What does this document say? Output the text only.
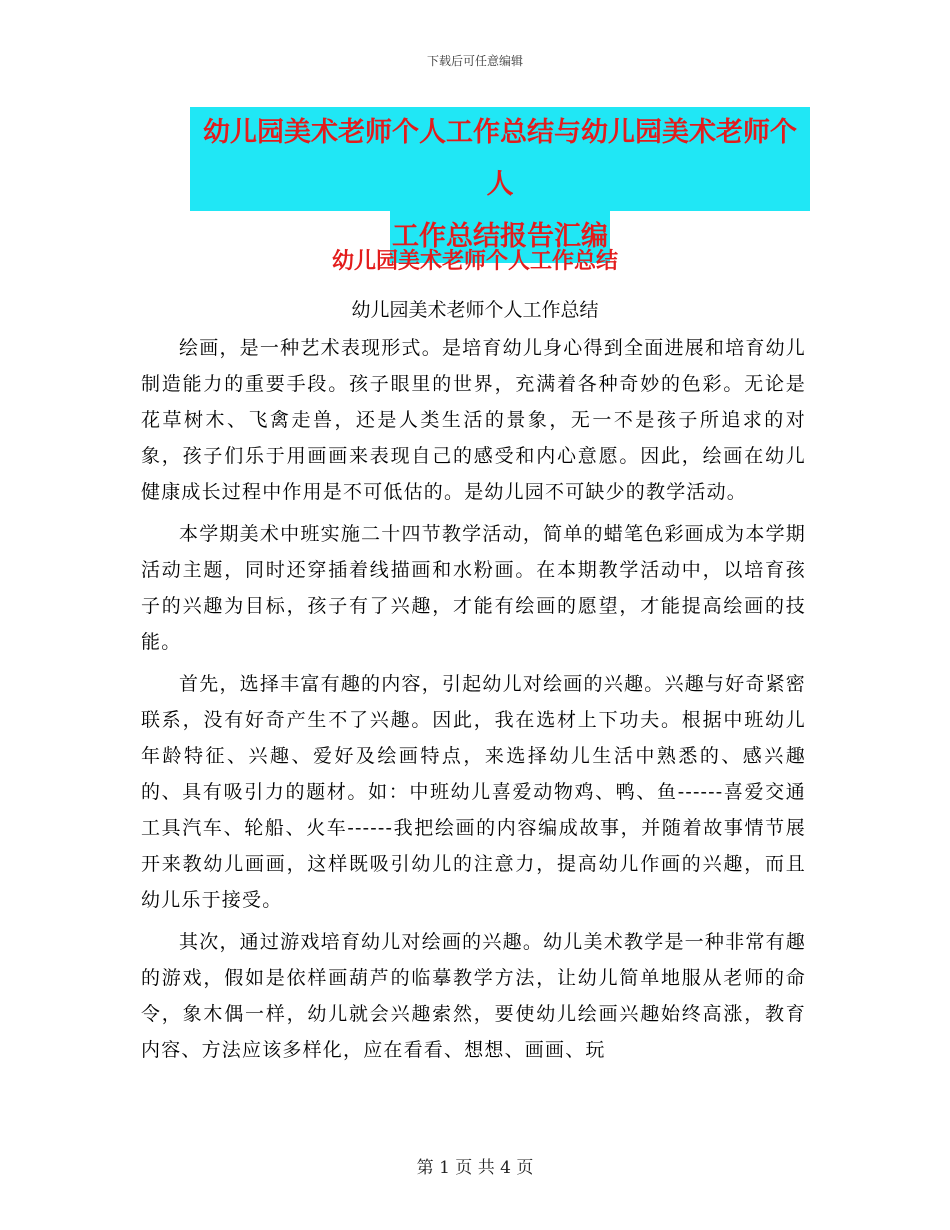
下载后可任意编辑
幼儿园美术老师个人工作总结与幼儿园美术老师个人
工作总结报告汇编
幼儿园美术老师个人工作总结
幼儿园美术老师个人工作总结

绘画，是一种艺术表现形式。是培育幼儿身心得到全面进展和培育幼儿制造能力的重要手段。孩子眼里的世界，充满着各种奇妙的色彩。无论是花草树木、飞禽走兽，还是人类生活的景象，无一不是孩子所追求的对象，孩子们乐于用画画来表现自己的感受和内心意愿。因此，绘画在幼儿健康成长过程中作用是不可低估的。是幼儿园不可缺少的教学活动。

本学期美术中班实施二十四节教学活动，简单的蜡笔色彩画成为本学期活动主题，同时还穿插着线描画和水粉画。在本期教学活动中，以培育孩子的兴趣为目标，孩子有了兴趣，才能有绘画的愿望，才能提高绘画的技能。

首先，选择丰富有趣的内容，引起幼儿对绘画的兴趣。兴趣与好奇紧密联系，没有好奇产生不了兴趣。因此，我在选材上下功夫。根据中班幼儿年龄特征、兴趣、爱好及绘画特点，来选择幼儿生活中熟悉的、感兴趣的、具有吸引力的题材。如：中班幼儿喜爱动物鸡、鸭、鱼------喜爱交通工具汽车、轮船、火车------我把绘画的内容编成故事，并随着故事情节展开来教幼儿画画，这样既吸引幼儿的注意力，提高幼儿作画的兴趣，而且幼儿乐于接受。

其次，通过游戏培育幼儿对绘画的兴趣。幼儿美术教学是一种非常有趣的游戏，假如是依样画葫芦的临摹教学方法，让幼儿简单地服从老师的命令，象木偶一样，幼儿就会兴趣索然，要使幼儿绘画兴趣始终高涨，教育内容、方法应该多样化，应在看看、想想、画画、玩

第 1 页 共 4 页
